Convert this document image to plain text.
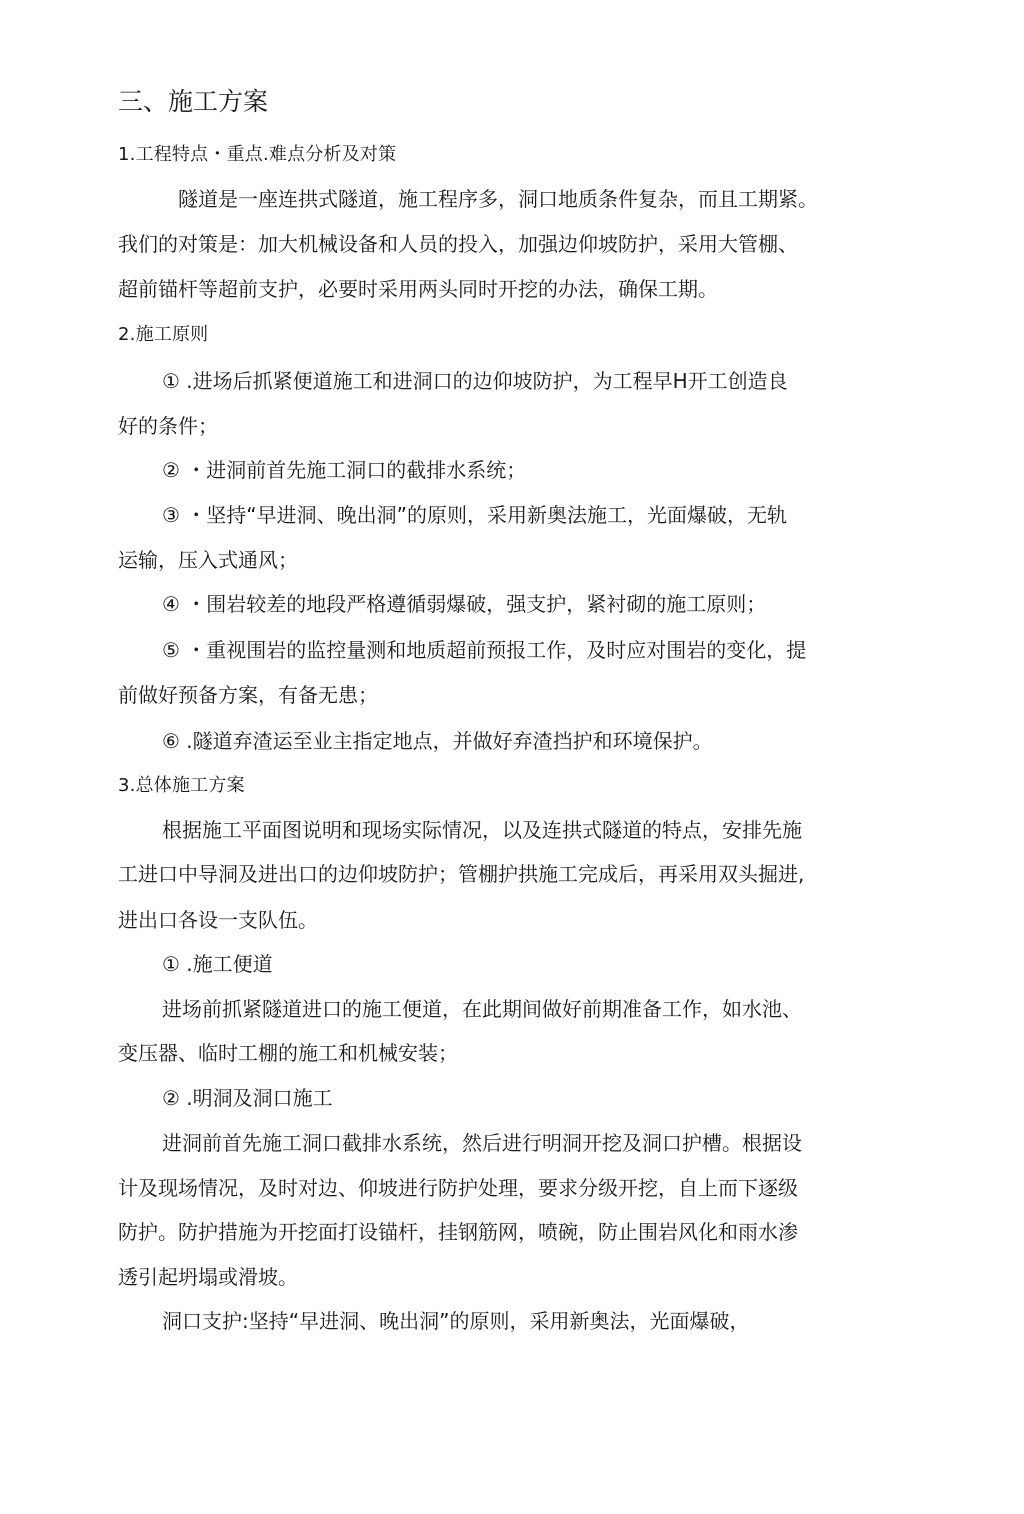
三、施工方案
1.工程特点・重点.难点分析及对策
隧道是一座连拱式隧道，施工程序多，洞口地质条件复杂，而且工期紧。
我们的对策是：加大机械设备和人员的投入，加强边仰坡防护，采用大管棚、
超前锚杆等超前支护，必要时采用两头同时开挖的办法，确保工期。
2.施工原则
① .进场后抓紧便道施工和进洞口的边仰坡防护，为工程早H开工创造良
好的条件；
② ・进洞前首先施工洞口的截排水系统；
③ ・坚持“早进洞、晚出洞”的原则，采用新奥法施工，光面爆破，无轨
运输，压入式通风；
④ ・围岩较差的地段严格遵循弱爆破，强支护，紧衬砌的施工原则；
⑤ ・重视围岩的监控量测和地质超前预报工作，及时应对围岩的变化，提
前做好预备方案，有备无患；
⑥ .隧道弃渣运至业主指定地点，并做好弃渣挡护和环境保护。
3.总体施工方案
根据施工平面图说明和现场实际情况，以及连拱式隧道的特点，安排先施
工进口中导洞及进出口的边仰坡防护；管棚护拱施工完成后，再采用双头掘进,
进出口各设一支队伍。
① .施工便道
进场前抓紧隧道进口的施工便道，在此期间做好前期准备工作，如水池、
变压器、临时工棚的施工和机械安装；
② .明洞及洞口施工
进洞前首先施工洞口截排水系统，然后进行明洞开挖及洞口护槽。根据设
计及现场情况，及时对边、仰坡进行防护处理，要求分级开挖，自上而下逐级
防护。防护措施为开挖面打设锚杆，挂钢筋网，喷碗，防止围岩风化和雨水渗
透引起坍塌或滑坡。
洞口支护:坚持“早进洞、晚出洞”的原则，采用新奥法，光面爆破，
